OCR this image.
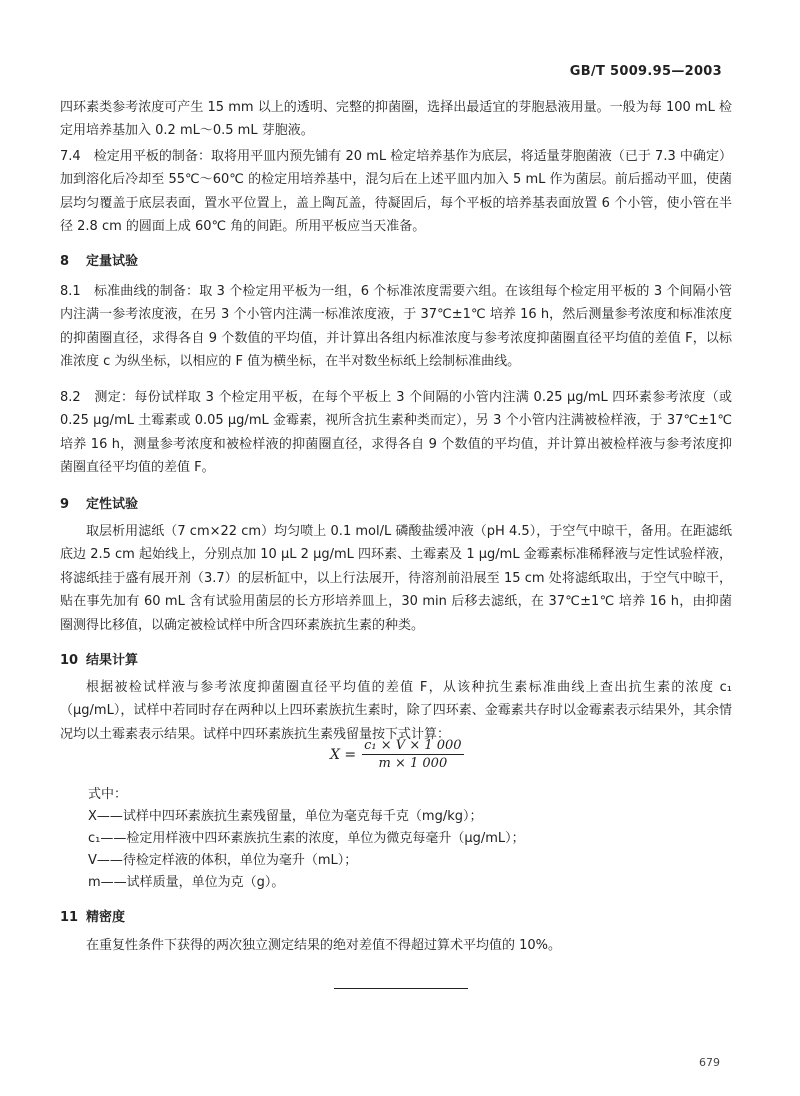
GB/T 5009.95—2003

四环素类参考浓度可产生 15 mm 以上的透明、完整的抑菌圈，选择出最适宜的芽胞悬液用量。一般为每 100 mL 检定用培养基加入 0.2 mL～0.5 mL 芽胞液。

7.4　检定用平板的制备：取将用平皿内预先铺有 20 mL 检定培养基作为底层，将适量芽胞菌液（已于 7.3 中确定）加到溶化后冷却至 55℃～60℃ 的检定用培养基中，混匀后在上述平皿内加入 5 mL 作为菌层。前后摇动平皿，使菌层均匀覆盖于底层表面，置水平位置上，盖上陶瓦盖，待凝固后，每个平板的培养基表面放置 6 个小管，使小管在半径 2.8 cm 的圆面上成 60℃ 角的间距。所用平板应当天准备。

8 定量试验

8.1　标准曲线的制备：取 3 个检定用平板为一组，6 个标准浓度需要六组。在该组每个检定用平板的 3 个间隔小管内注满一参考浓度液，在另 3 个小管内注满一标准浓度液，于 37℃±1℃ 培养 16 h，然后测量参考浓度和标准浓度的抑菌圈直径，求得各自 9 个数值的平均值，并计算出各组内标准浓度与参考浓度抑菌圈直径平均值的差值 F，以标准浓度 c 为纵坐标，以相应的 F 值为横坐标，在半对数坐标纸上绘制标准曲线。

8.2　测定：每份试样取 3 个检定用平板，在每个平板上 3 个间隔的小管内注满 0.25 μg/mL 四环素参考浓度（或 0.25 μg/mL 土霉素或 0.05 μg/mL 金霉素，视所含抗生素种类而定），另 3 个小管内注满被检样液，于 37℃±1℃ 培养 16 h，测量参考浓度和被检样液的抑菌圈直径，求得各自 9 个数值的平均值，并计算出被检样液与参考浓度抑菌圈直径平均值的差值 F。

9 定性试验

取层析用滤纸（7 cm×22 cm）均匀喷上 0.1 mol/L 磷酸盐缓冲液（pH 4.5），于空气中晾干，备用。在距滤纸底边 2.5 cm 起始线上，分别点加 10 μL 2 μg/mL 四环素、土霉素及 1 μg/mL 金霉素标准稀释液与定性试验样液，将滤纸挂于盛有展开剂（3.7）的层析缸中，以上行法展开，待溶剂前沿展至 15 cm 处将滤纸取出，于空气中晾干，贴在事先加有 60 mL 含有试验用菌层的长方形培养皿上，30 min 后移去滤纸，在 37℃±1℃ 培养 16 h，由抑菌圈测得比移值，以确定被检试样中所含四环素族抗生素的种类。

10 结果计算

根据被检试样液与参考浓度抑菌圈直径平均值的差值 F，从该种抗生素标准曲线上查出抗生素的浓度 c₁（μg/mL），试样中若同时存在两种以上四环素族抗生素时，除了四环素、金霉素共存时以金霉素表示结果外，其余情况均以土霉素表示结果。试样中四环素族抗生素残留量按下式计算：

$X = \frac{\text{c₁ × V × 1 000}}{m \times 1 000}$
式中：
X——试样中四环素族抗生素残留量，单位为毫克每千克（mg/kg）；
c₁——检定用样液中四环素族抗生素的浓度，单位为微克每毫升（μg/mL）；
V——待检定样液的体积，单位为毫升（mL）；
m——试样质量，单位为克（g）。
11 精密度

在重复性条件下获得的两次独立测定结果的绝对差值不得超过算术平均值的 10%。

679
